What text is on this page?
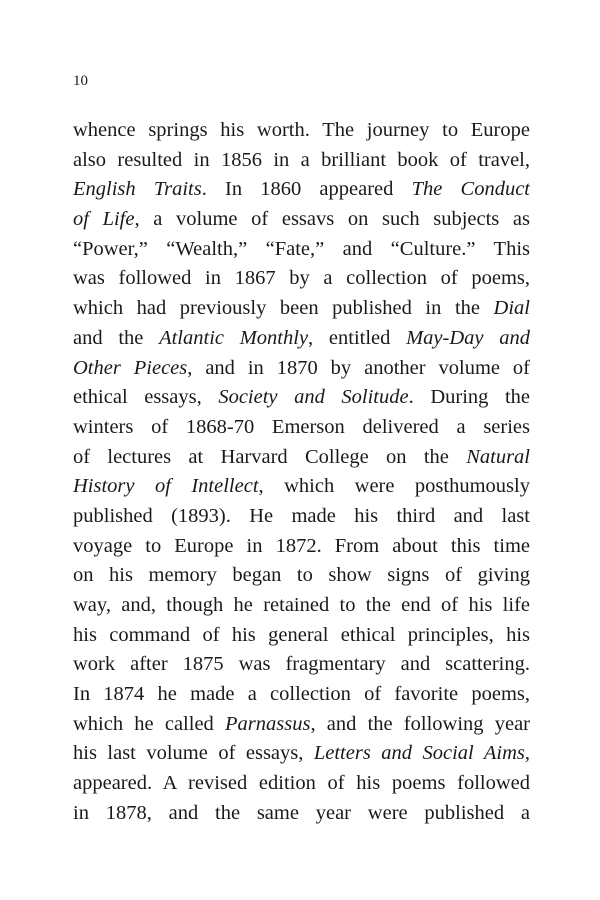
10
whence springs his worth. The journey to Europe
also resulted in 1856 in a brilliant book of travel,
English Traits. In 1860 appeared The Conduct
of Life, a volume of essavs on such subjects as
“Power,” “Wealth,” “Fate,” and “Culture.” This
was followed in 1867 by a collection of poems,
which had previously been published in the Dial
and the Atlantic Monthly, entitled May-Day and
Other Pieces, and in 1870 by another volume of
ethical essays, Society and Solitude. During the
winters of 1868-70 Emerson delivered a series
of lectures at Harvard College on the Natural
History of Intellect, which were posthumously
published (1893). He made his third and last
voyage to Europe in 1872. From about this time
on his memory began to show signs of giving
way, and, though he retained to the end of his life
his command of his general ethical principles, his
work after 1875 was fragmentary and scattering.
In 1874 he made a collection of favorite poems,
which he called Parnassus, and the following year
his last volume of essays, Letters and Social Aims,
appeared. A revised edition of his poems followed
in 1878, and the same year were published a
